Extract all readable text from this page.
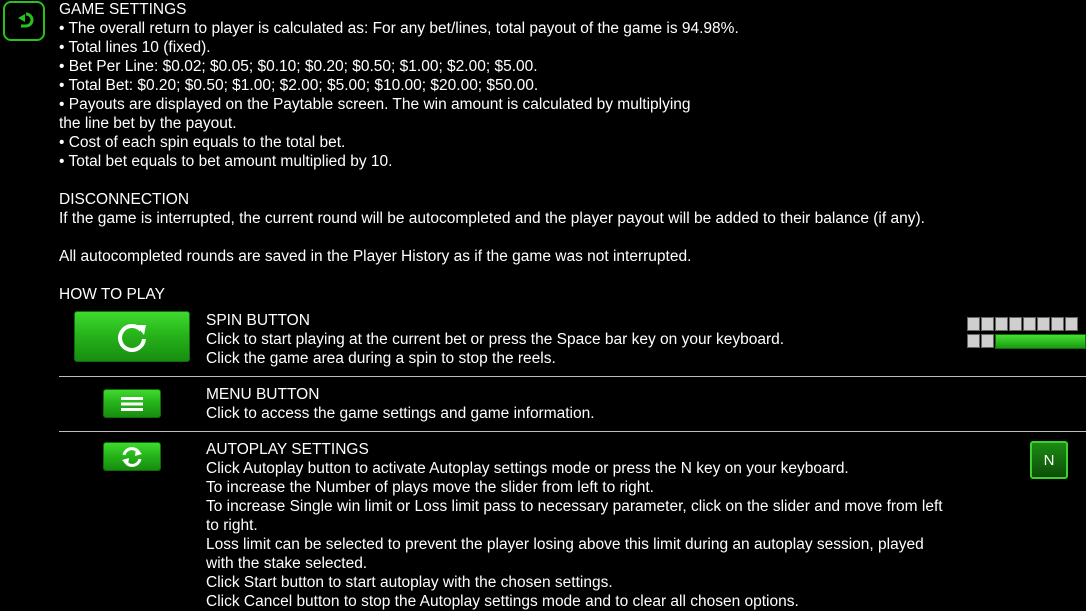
GAME SETTINGS
• The overall return to player is calculated as: For any bet/lines, total payout of the game is 94.98%.
• Total lines 10 (fixed).
• Bet Per Line: $0.02; $0.05; $0.10; $0.20; $0.50; $1.00; $2.00; $5.00.
• Total Bet: $0.20; $0.50; $1.00; $2.00; $5.00; $10.00; $20.00; $50.00.
• Payouts are displayed on the Paytable screen. The win amount is calculated by multiplying
the line bet by the payout.
• Cost of each spin equals to the total bet.
• Total bet equals to bet amount multiplied by 10.
DISCONNECTION
If the game is interrupted, the current round will be autocompleted and the player payout will be added to their balance (if any).
All autocompleted rounds are saved in the Player History as if the game was not interrupted.
HOW TO PLAY
SPIN BUTTON
Click to start playing at the current bet or press the Space bar key on your keyboard.
Click the game area during a spin to stop the reels.
MENU BUTTON
Click to access the game settings and game information.
AUTOPLAY SETTINGS
Click Autoplay button to activate Autoplay settings mode or press the N key on your keyboard.
To increase the Number of plays move the slider from left to right.
To increase Single win limit or Loss limit pass to necessary parameter, click on the slider and move from left
to right.
Loss limit can be selected to prevent the player losing above this limit during an autoplay session, played
with the stake selected.
Click Start button to start autoplay with the chosen settings.
Click Cancel button to stop the Autoplay settings mode and to clear all chosen options.
N
